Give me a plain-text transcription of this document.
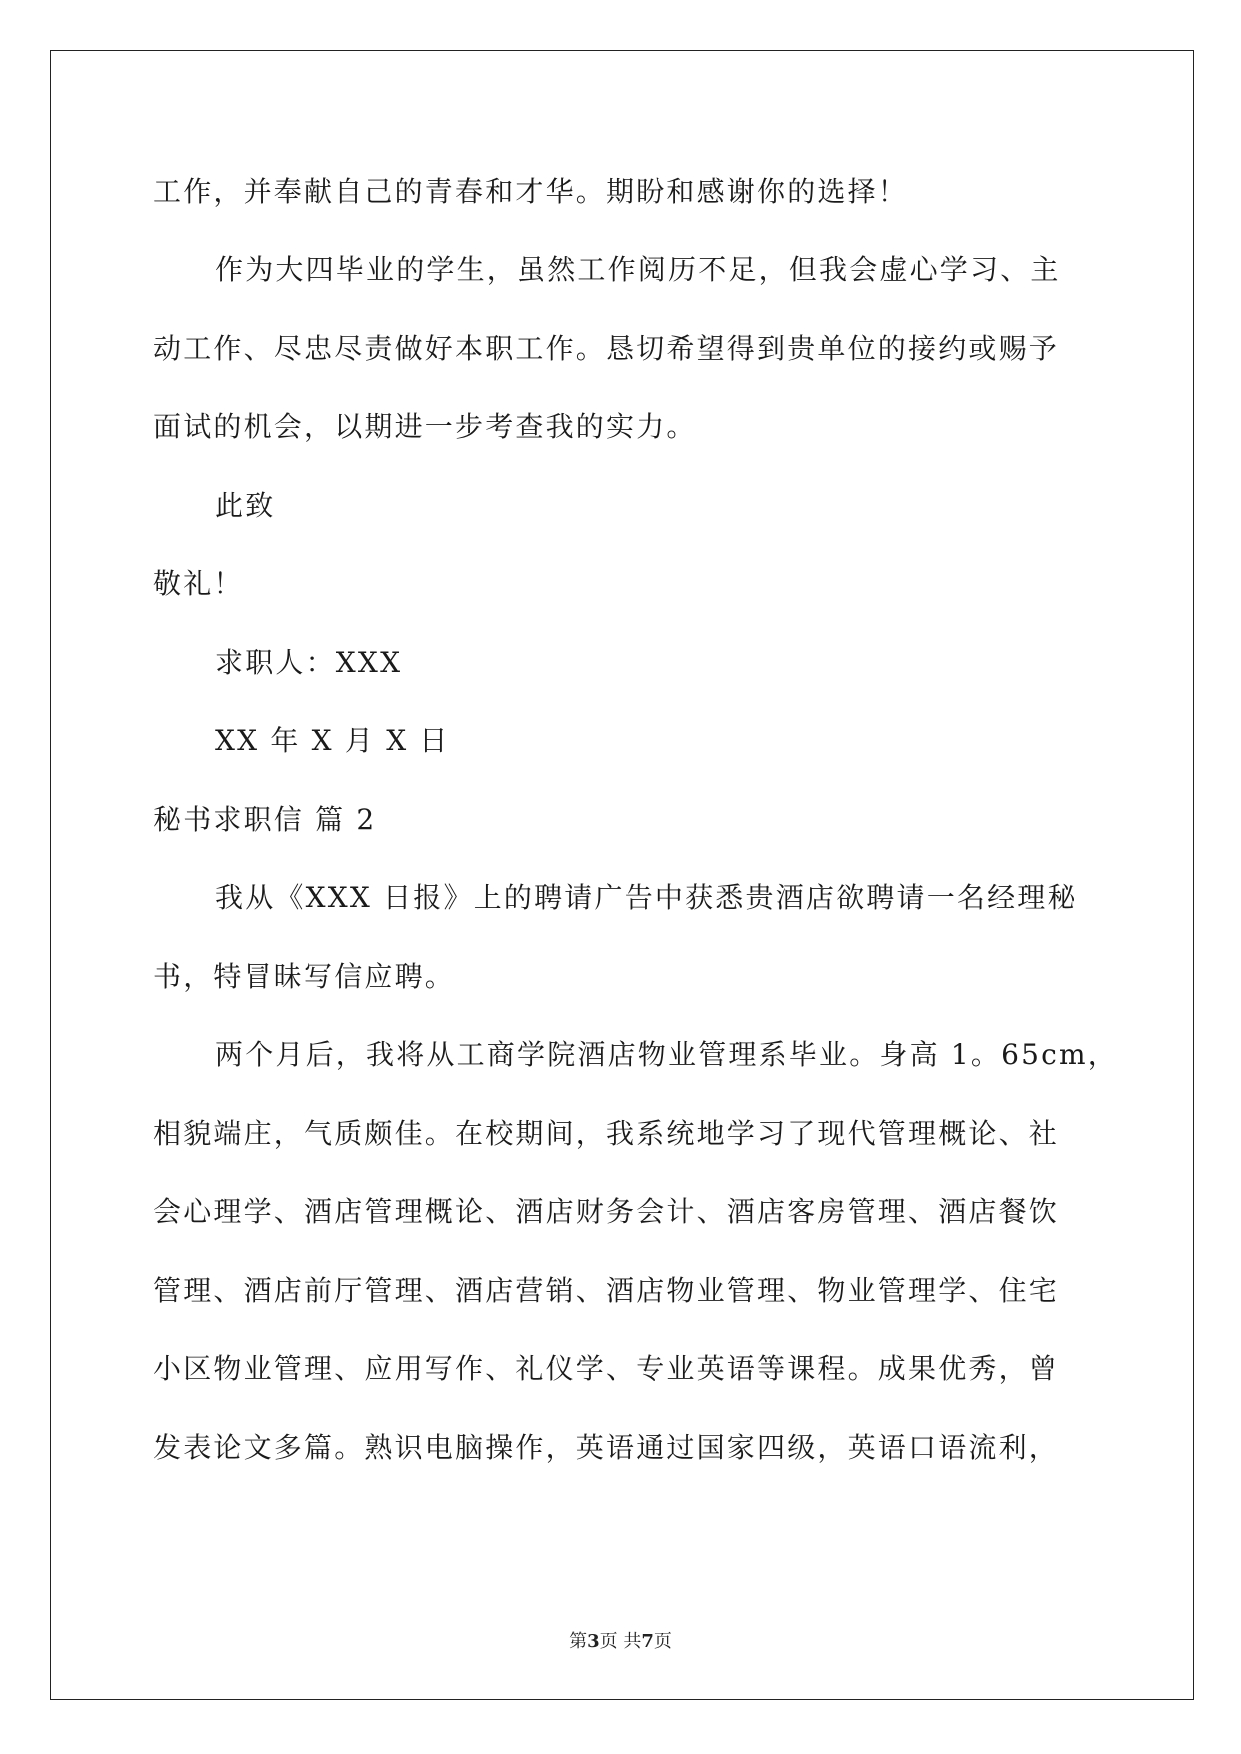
工作，并奉献自己的青春和才华。期盼和感谢你的选择！
作为大四毕业的学生，虽然工作阅历不足，但我会虚心学习、主
动工作、尽忠尽责做好本职工作。恳切希望得到贵单位的接约或赐予
面试的机会，以期进一步考查我的实力。
此致
敬礼！
求职人：XXX
XX 年 X 月 X 日
秘书求职信 篇 2
我从《XXX 日报》上的聘请广告中获悉贵酒店欲聘请一名经理秘
书，特冒昧写信应聘。
两个月后，我将从工商学院酒店物业管理系毕业。身高 1。65cm，
相貌端庄，气质颇佳。在校期间，我系统地学习了现代管理概论、社
会心理学、酒店管理概论、酒店财务会计、酒店客房管理、酒店餐饮
管理、酒店前厅管理、酒店营销、酒店物业管理、物业管理学、住宅
小区物业管理、应用写作、礼仪学、专业英语等课程。成果优秀，曾
发表论文多篇。熟识电脑操作，英语通过国家四级，英语口语流利，
第3页 共7页
